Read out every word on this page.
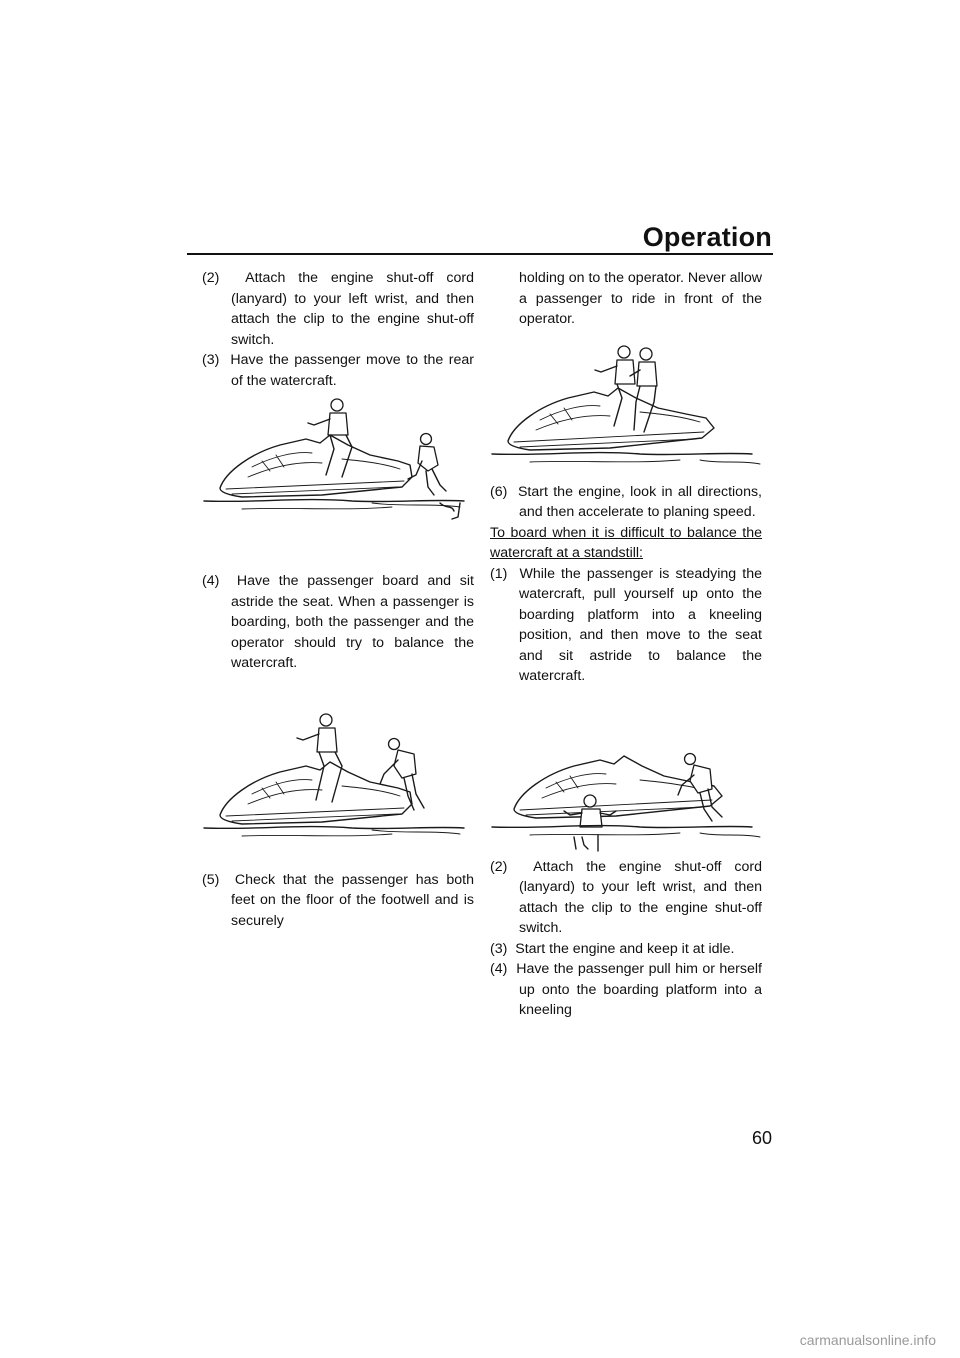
Operation

(2) Attach the engine shut-off cord (lanyard) to your left wrist, and then attach the clip to the engine shut-off switch.

(3) Have the passenger move to the rear of the watercraft.

(4) Have the passenger board and sit astride the seat. When a passenger is boarding, both the passenger and the operator should try to balance the watercraft.

(5) Check that the passenger has both feet on the floor of the footwell and is securely

holding on to the operator. Never allow a passenger to ride in front of the operator.

(6) Start the engine, look in all directions, and then accelerate to planing speed.

To board when it is difficult to balance the watercraft at a standstill:

(1) While the passenger is steadying the watercraft, pull yourself up onto the boarding platform into a kneeling position, and then move to the seat and sit astride to balance the watercraft.

(2) Attach the engine shut-off cord (lanyard) to your left wrist, and then attach the clip to the engine shut-off switch.

(3) Start the engine and keep it at idle.

(4) Have the passenger pull him or herself up onto the boarding platform into a kneeling

60
carmanualsonline.info
